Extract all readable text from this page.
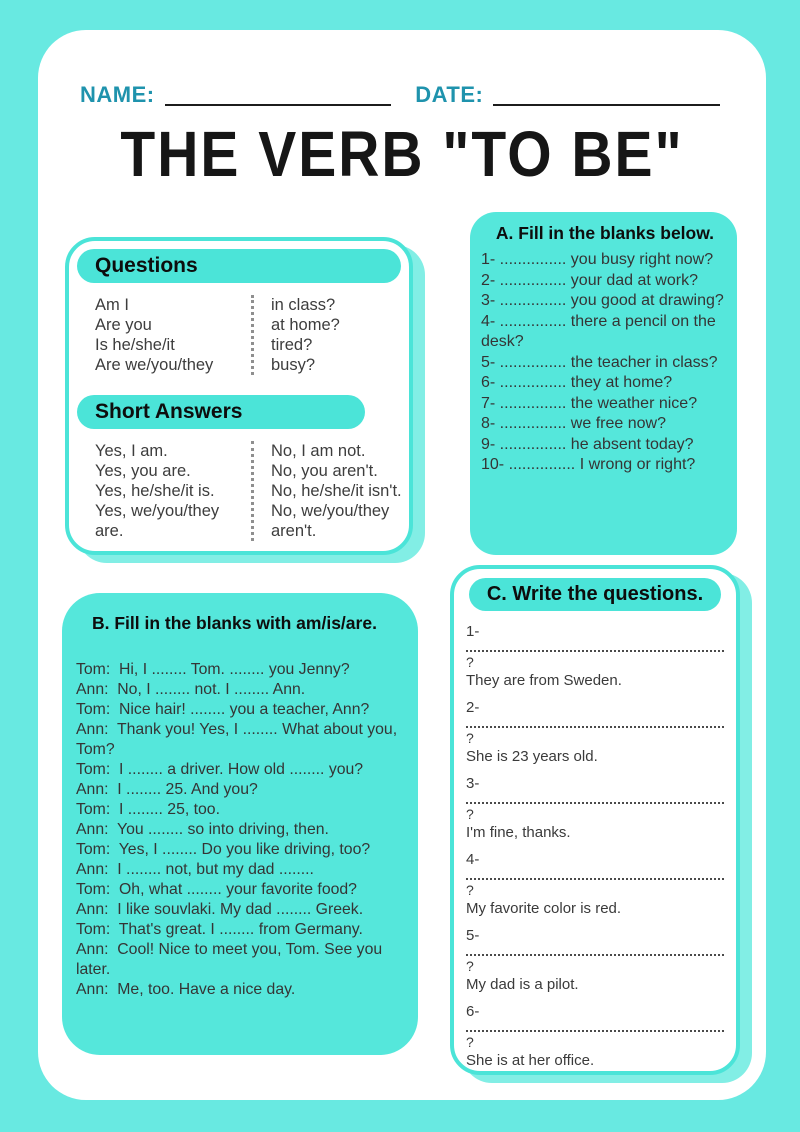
NAME:	DATE:
THE VERB "TO BE"
Questions
Am I
Are you
Is he/she/it
Are we/you/they
in class?
at home?
tired?
busy?
Short Answers
Yes, I am.
Yes, you are.
Yes, he/she/it is.
Yes, we/you/they are.
No, I am not.
No, you aren't.
No, he/she/it isn't.
No, we/you/they aren't.
A. Fill in the blanks below.
1- ............... you busy right now?
2- ............... your dad at work?
3- ............... you good at drawing?
4- ............... there a pencil on the desk?
5- ............... the teacher in class?
6- ............... they at home?
7- ............... the weather nice?
8- ............... we free now?
9- ............... he absent today?
10- ............... I wrong or right?
B. Fill in the blanks with am/is/are.
Tom:  Hi, I ........ Tom. ........ you Jenny?
Ann:  No, I ........ not. I ........ Ann.
Tom:  Nice hair! ........ you a teacher, Ann?
Ann:  Thank you! Yes, I ........ What about you, Tom?
Tom:  I ........ a driver. How old ........ you?
Ann:  I ........ 25. And you?
Tom:  I ........ 25, too.
Ann:  You ........ so into driving, then.
Tom:  Yes, I ........ Do you like driving, too?
Ann:  I ........ not, but my dad ........
Tom:  Oh, what ........ your favorite food?
Ann:  I like souvlaki. My dad ........ Greek.
Tom:  That's great. I ........ from Germany.
Ann:  Cool! Nice to meet you, Tom. See you later.
Ann:  Me, too. Have a nice day.
C. Write the questions.
1-
?
They are from Sweden.
2-
?
She is 23 years old.
3-
?
I'm fine, thanks.
4-
?
My favorite color is red.
5-
?
My dad is a pilot.
6-
?
She is at her office.
